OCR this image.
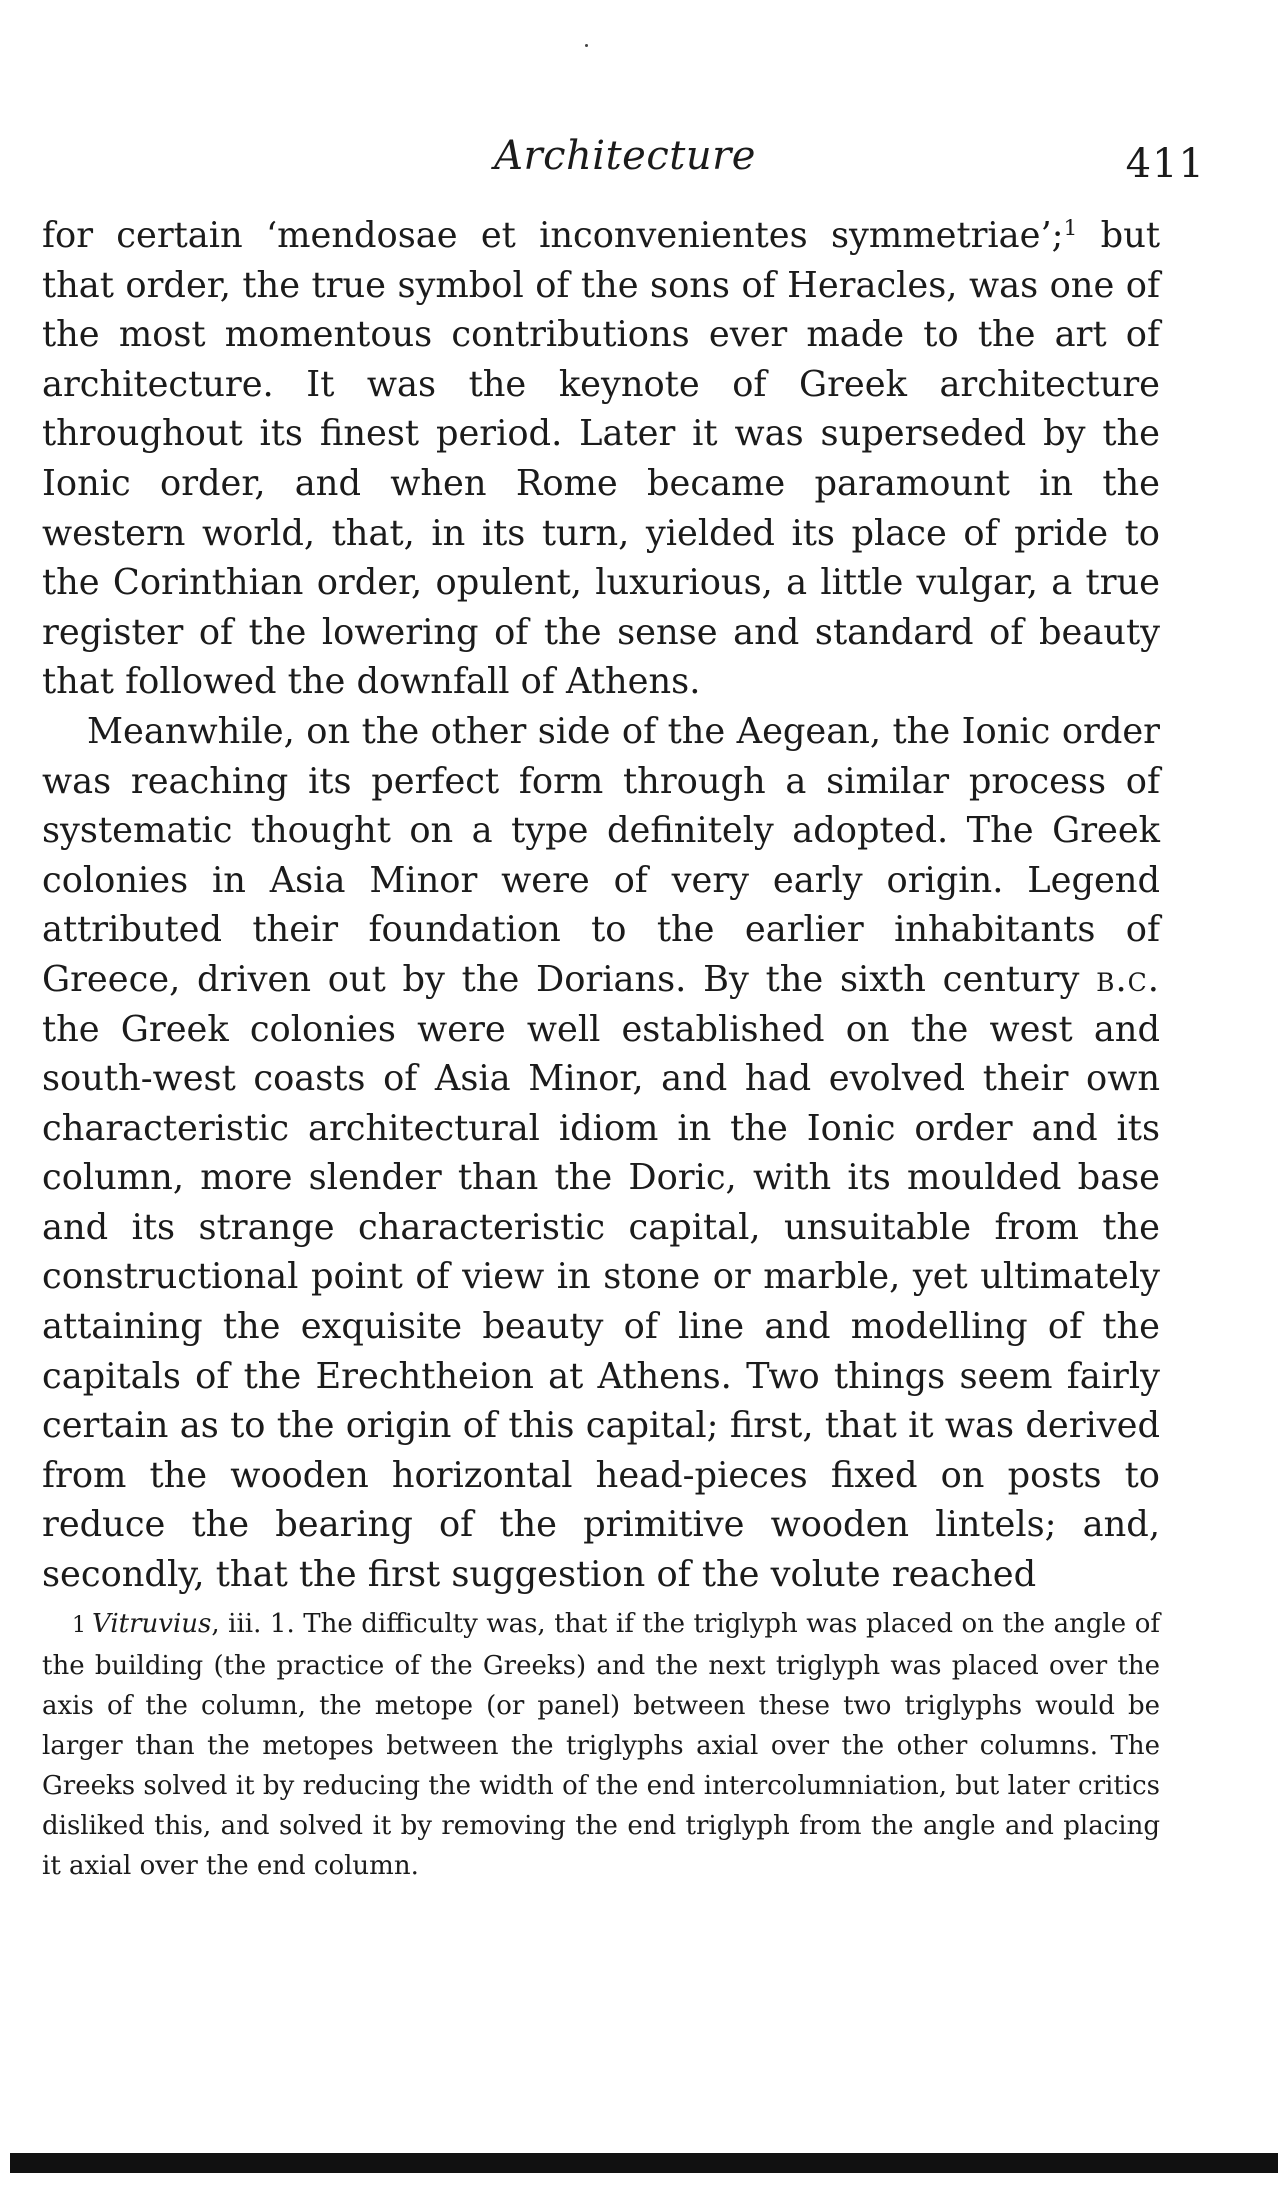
Architecture	411

for certain ‘mendosae et inconvenientes symmetriae’;$^1$ but that order, the true symbol of the sons of Heracles, was one of the most momentous contributions ever made to the art of architecture. It was the keynote of Greek architecture throughout its finest period. Later it was superseded by the Ionic order, and when Rome became paramount in the western world, that, in its turn, yielded its place of pride to the Corinthian order, opulent, luxurious, a little vulgar, a true register of the lowering of the sense and standard of beauty that followed the downfall of Athens.

Meanwhile, on the other side of the Aegean, the Ionic order was reaching its perfect form through a similar process of systematic thought on a type definitely adopted. The Greek colonies in Asia Minor were of very early origin. Legend attributed their foundation to the earlier inhabitants of Greece, driven out by the Dorians. By the sixth century b.c. the Greek colonies were well established on the west and south-west coasts of Asia Minor, and had evolved their own characteristic architectural idiom in the Ionic order and its column, more slender than the Doric, with its moulded base and its strange characteristic capital, unsuitable from the constructional point of view in stone or marble, yet ultimately attaining the exquisite beauty of line and modelling of the capitals of the Erechtheion at Athens. Two things seem fairly certain as to the origin of this capital; first, that it was derived from the wooden horizontal head-pieces fixed on posts to reduce the bearing of the primitive wooden lintels; and, secondly, that the first suggestion of the volute reached

1 Vitruvius, iii. 1. The difficulty was, that if the triglyph was placed on the angle of the building (the practice of the Greeks) and the next triglyph was placed over the axis of the column, the metope (or panel) between these two triglyphs would be larger than the metopes between the triglyphs axial over the other columns. The Greeks solved it by reducing the width of the end intercolumniation, but later critics disliked this, and solved it by removing the end triglyph from the angle and placing it axial over the end column.
